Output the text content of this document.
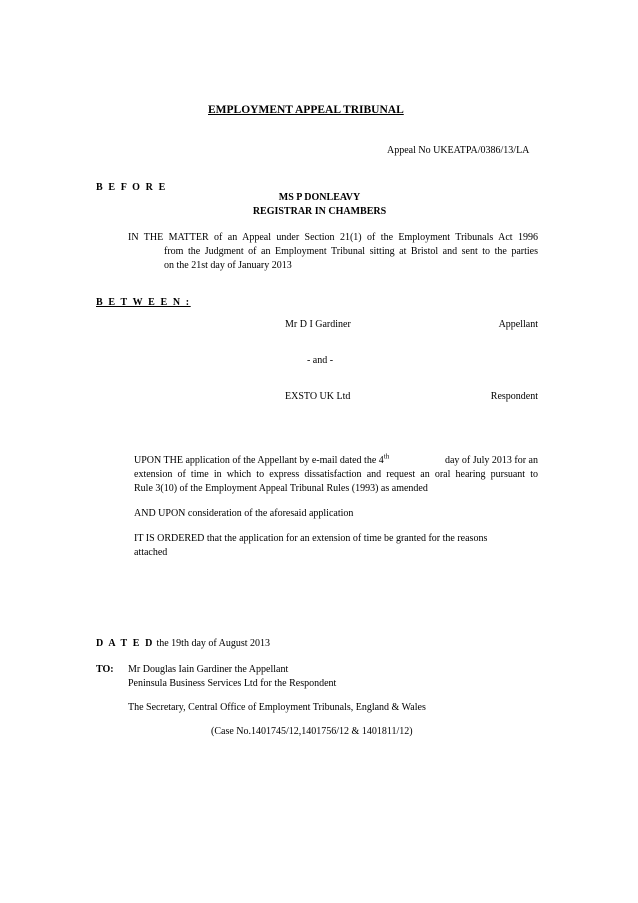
EMPLOYMENT APPEAL TRIBUNAL
Appeal No UKEATPA/0386/13/LA
B E F O R E
MS P DONLEAVY
REGISTRAR IN CHAMBERS
IN THE MATTER of an Appeal under Section 21(1) of the Employment Tribunals Act 1996
from the Judgment of an Employment Tribunal sitting at Bristol and sent to the parties
on the 21st day of January 2013
B E T W E E N :
Mr D I Gardiner	Appellant
- and -
EXSTO UK Ltd	Respondent
UPON THE application of the Appellant by e-mail dated the 4th	day of July 2013 for an
extension of time in which to express dissatisfaction and request an oral hearing pursuant to
Rule 3(10) of the Employment Appeal Tribunal Rules (1993) as amended
AND UPON consideration of the aforesaid application
IT IS ORDERED that the application for an extension of time be granted for the reasons
attached
D A T E D the 19th day of August 2013
TO: Mr Douglas Iain Gardiner the Appellant
Peninsula Business Services Ltd for the Respondent
The Secretary, Central Office of Employment Tribunals, England & Wales
(Case No.1401745/12,1401756/12 & 1401811/12)
